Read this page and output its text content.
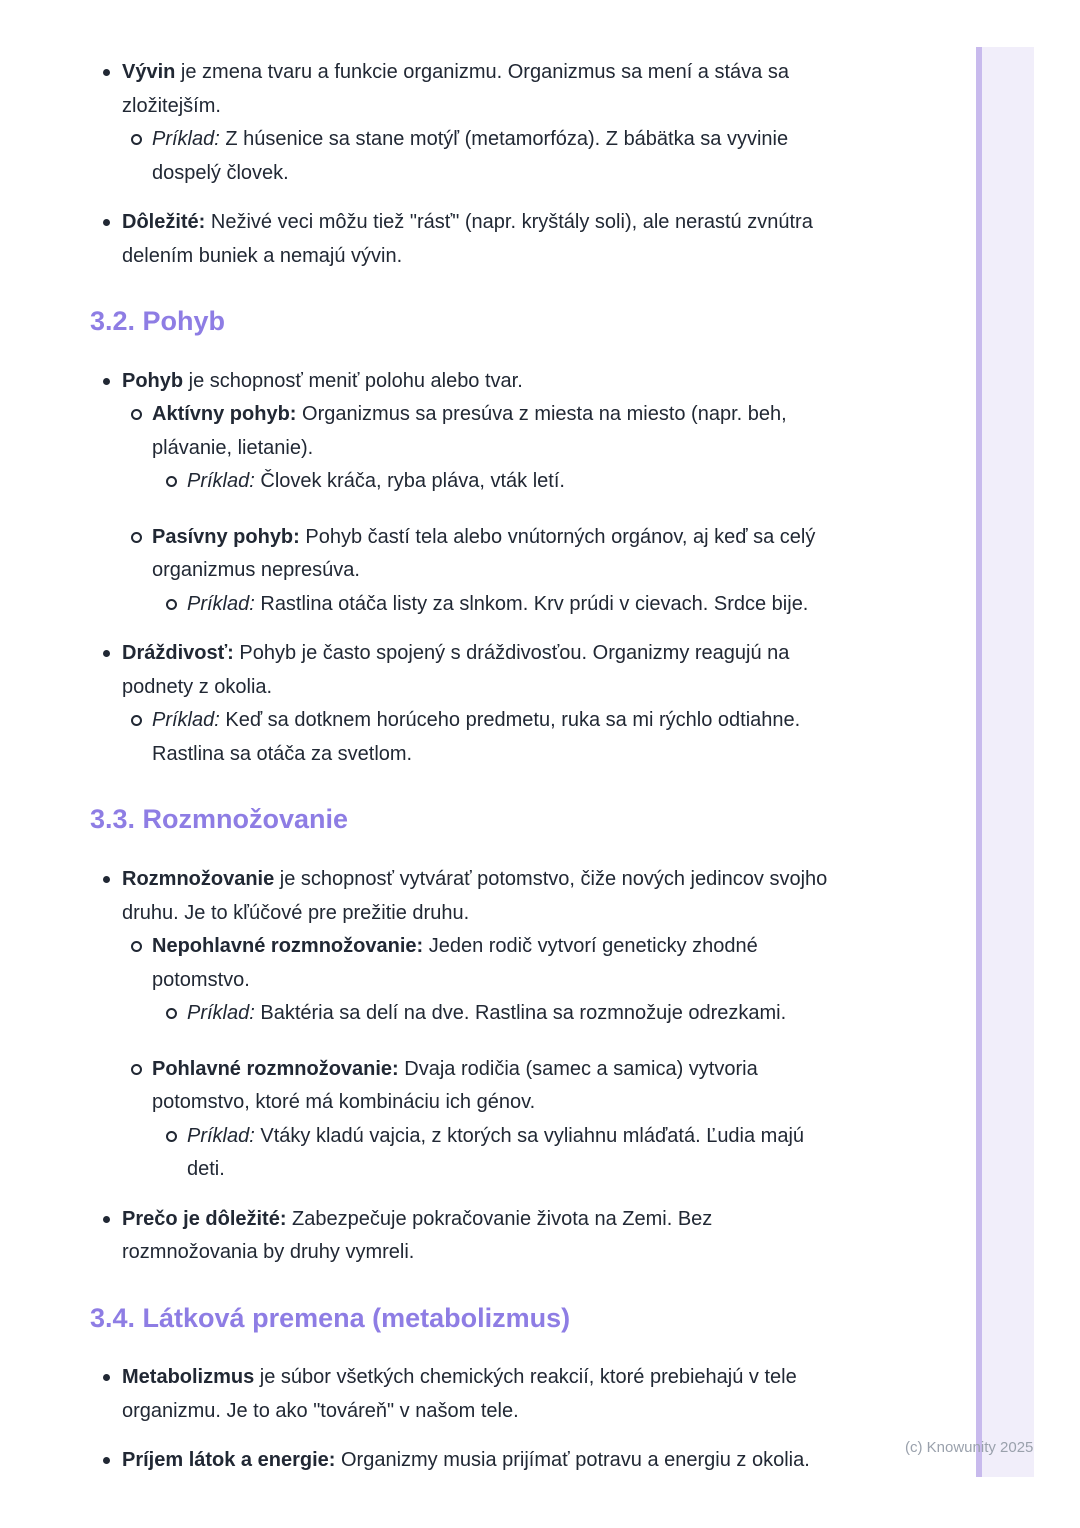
Vývin je zmena tvaru a funkcie organizmu. Organizmus sa mení a stáva sa zložitejším.

Príklad: Z húsenice sa stane motýľ (metamorfóza). Z bábätka sa vyvinie dospelý človek.

Dôležité: Neživé veci môžu tiež "rásť" (napr. kryštály soli), ale nerastú zvnútra delením buniek a nemajú vývin.

3.2. Pohyb

Pohyb je schopnosť meniť polohu alebo tvar.

Aktívny pohyb: Organizmus sa presúva z miesta na miesto (napr. beh, plávanie, lietanie).

Príklad: Človek kráča, ryba pláva, vták letí.

Pasívny pohyb: Pohyb častí tela alebo vnútorných orgánov, aj keď sa celý organizmus nepresúva.

Príklad: Rastlina otáča listy za slnkom. Krv prúdi v cievach. Srdce bije.

Dráždivosť: Pohyb je často spojený s dráždivosťou. Organizmy reagujú na podnety z okolia.

Príklad: Keď sa dotknem horúceho predmetu, ruka sa mi rýchlo odtiahne. Rastlina sa otáča za svetlom.

3.3. Rozmnožovanie

Rozmnožovanie je schopnosť vytvárať potomstvo, čiže nových jedincov svojho druhu. Je to kľúčové pre prežitie druhu.

Nepohlavné rozmnožovanie: Jeden rodič vytvorí geneticky zhodné potomstvo.

Príklad: Baktéria sa delí na dve. Rastlina sa rozmnožuje odrezkami.

Pohlavné rozmnožovanie: Dvaja rodičia (samec a samica) vytvoria potomstvo, ktoré má kombináciu ich génov.

Príklad: Vtáky kladú vajcia, z ktorých sa vyliahnu mláďatá. Ľudia majú deti.

Prečo je dôležité: Zabezpečuje pokračovanie života na Zemi. Bez rozmnožovania by druhy vymreli.

3.4. Látková premena (metabolizmus)

Metabolizmus je súbor všetkých chemických reakcií, ktoré prebiehajú v tele organizmu. Je to ako "továreň" v našom tele.

Príjem látok a energie: Organizmy musia prijímať potravu a energiu z okolia.

(c) Knowunity 2025
